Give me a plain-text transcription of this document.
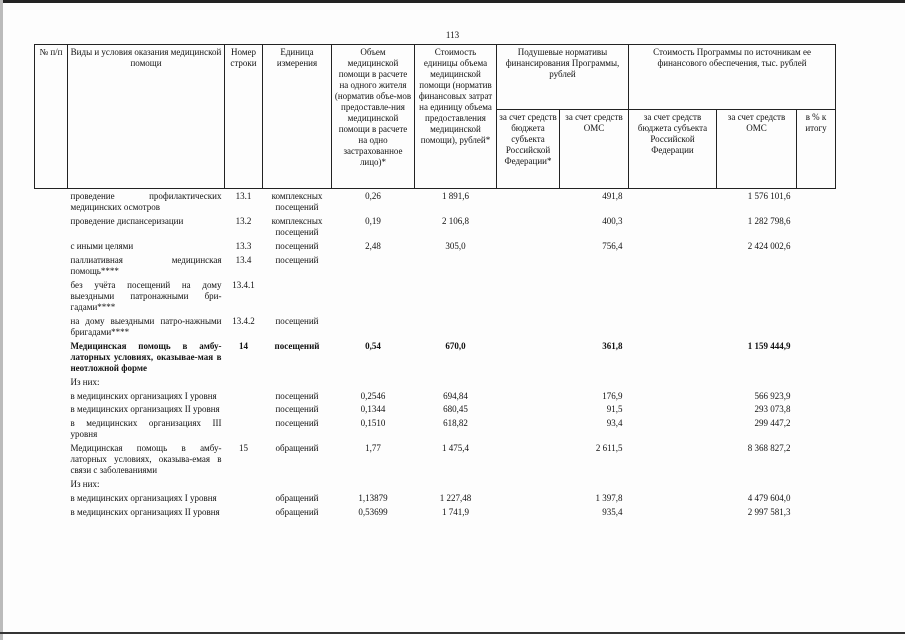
113
№ п/п	Виды и условия оказания медицинской помощи	Номер строки	Единица измерения	Объем медицинской помощи в расчете на одного жителя (норматив объе-мов предоставле-ния медицинской помощи в расчете на одно застрахованное лицо)*	Стоимость единицы объема медицинской помощи (норматив финансовых затрат на единицу объема предоставления медицинской помощи), рублей*	Подушевые нормативы финансирования Программы, рублей		Стоимость Программы по источникам ее финансового обеспечения, тыс. рублей		
						за счет средств бюджета субъекта Российской Федерации*	за счет средств ОМС	за счет средств бюджета субъекта Российской Федерации	за счет средств ОМС	в % к итогу
	проведение профилактических медицинских осмотров	13.1	комплексных посещений	0,26	1 891,6		491,8		1 576 101,6	
	проведение диспансеризации	13.2	комплексных посещений	0,19	2 106,8		400,3		1 282 798,6	
	с иными целями	13.3	посещений	2,48	305,0		756,4		2 424 002,6	
	паллиативная медицинская помощь****	13.4	посещений							
	без учёта посещений на дому выездными патронажными бри-гадами****	13.4.1								
	на дому выездными патро-нажными бригадами****	13.4.2	посещений							
	Медицинская помощь в амбу-латорных условиях, оказывае-мая в неотложной форме	14	посещений	0,54	670,0		361,8		1 159 444,9	
	Из них:									
	в медицинских организациях I уровня		посещений	0,2546	694,84		176,9		566 923,9	
	в медицинских организациях II уровня		посещений	0,1344	680,45		91,5		293 073,8	
	в медицинских организациях III уровня		посещений	0,1510	618,82		93,4		299 447,2	
	Медицинская помощь в амбу-латорных условиях, оказыва-емая в связи с заболеваниями	15	обращений	1,77	1 475,4		2 611,5		8 368 827,2	
	Из них:									
	в медицинских организациях I уровня		обращений	1,13879	1 227,48		1 397,8		4 479 604,0	
	в медицинских организациях II уровня		обращений	0,53699	1 741,9		935,4		2 997 581,3	
